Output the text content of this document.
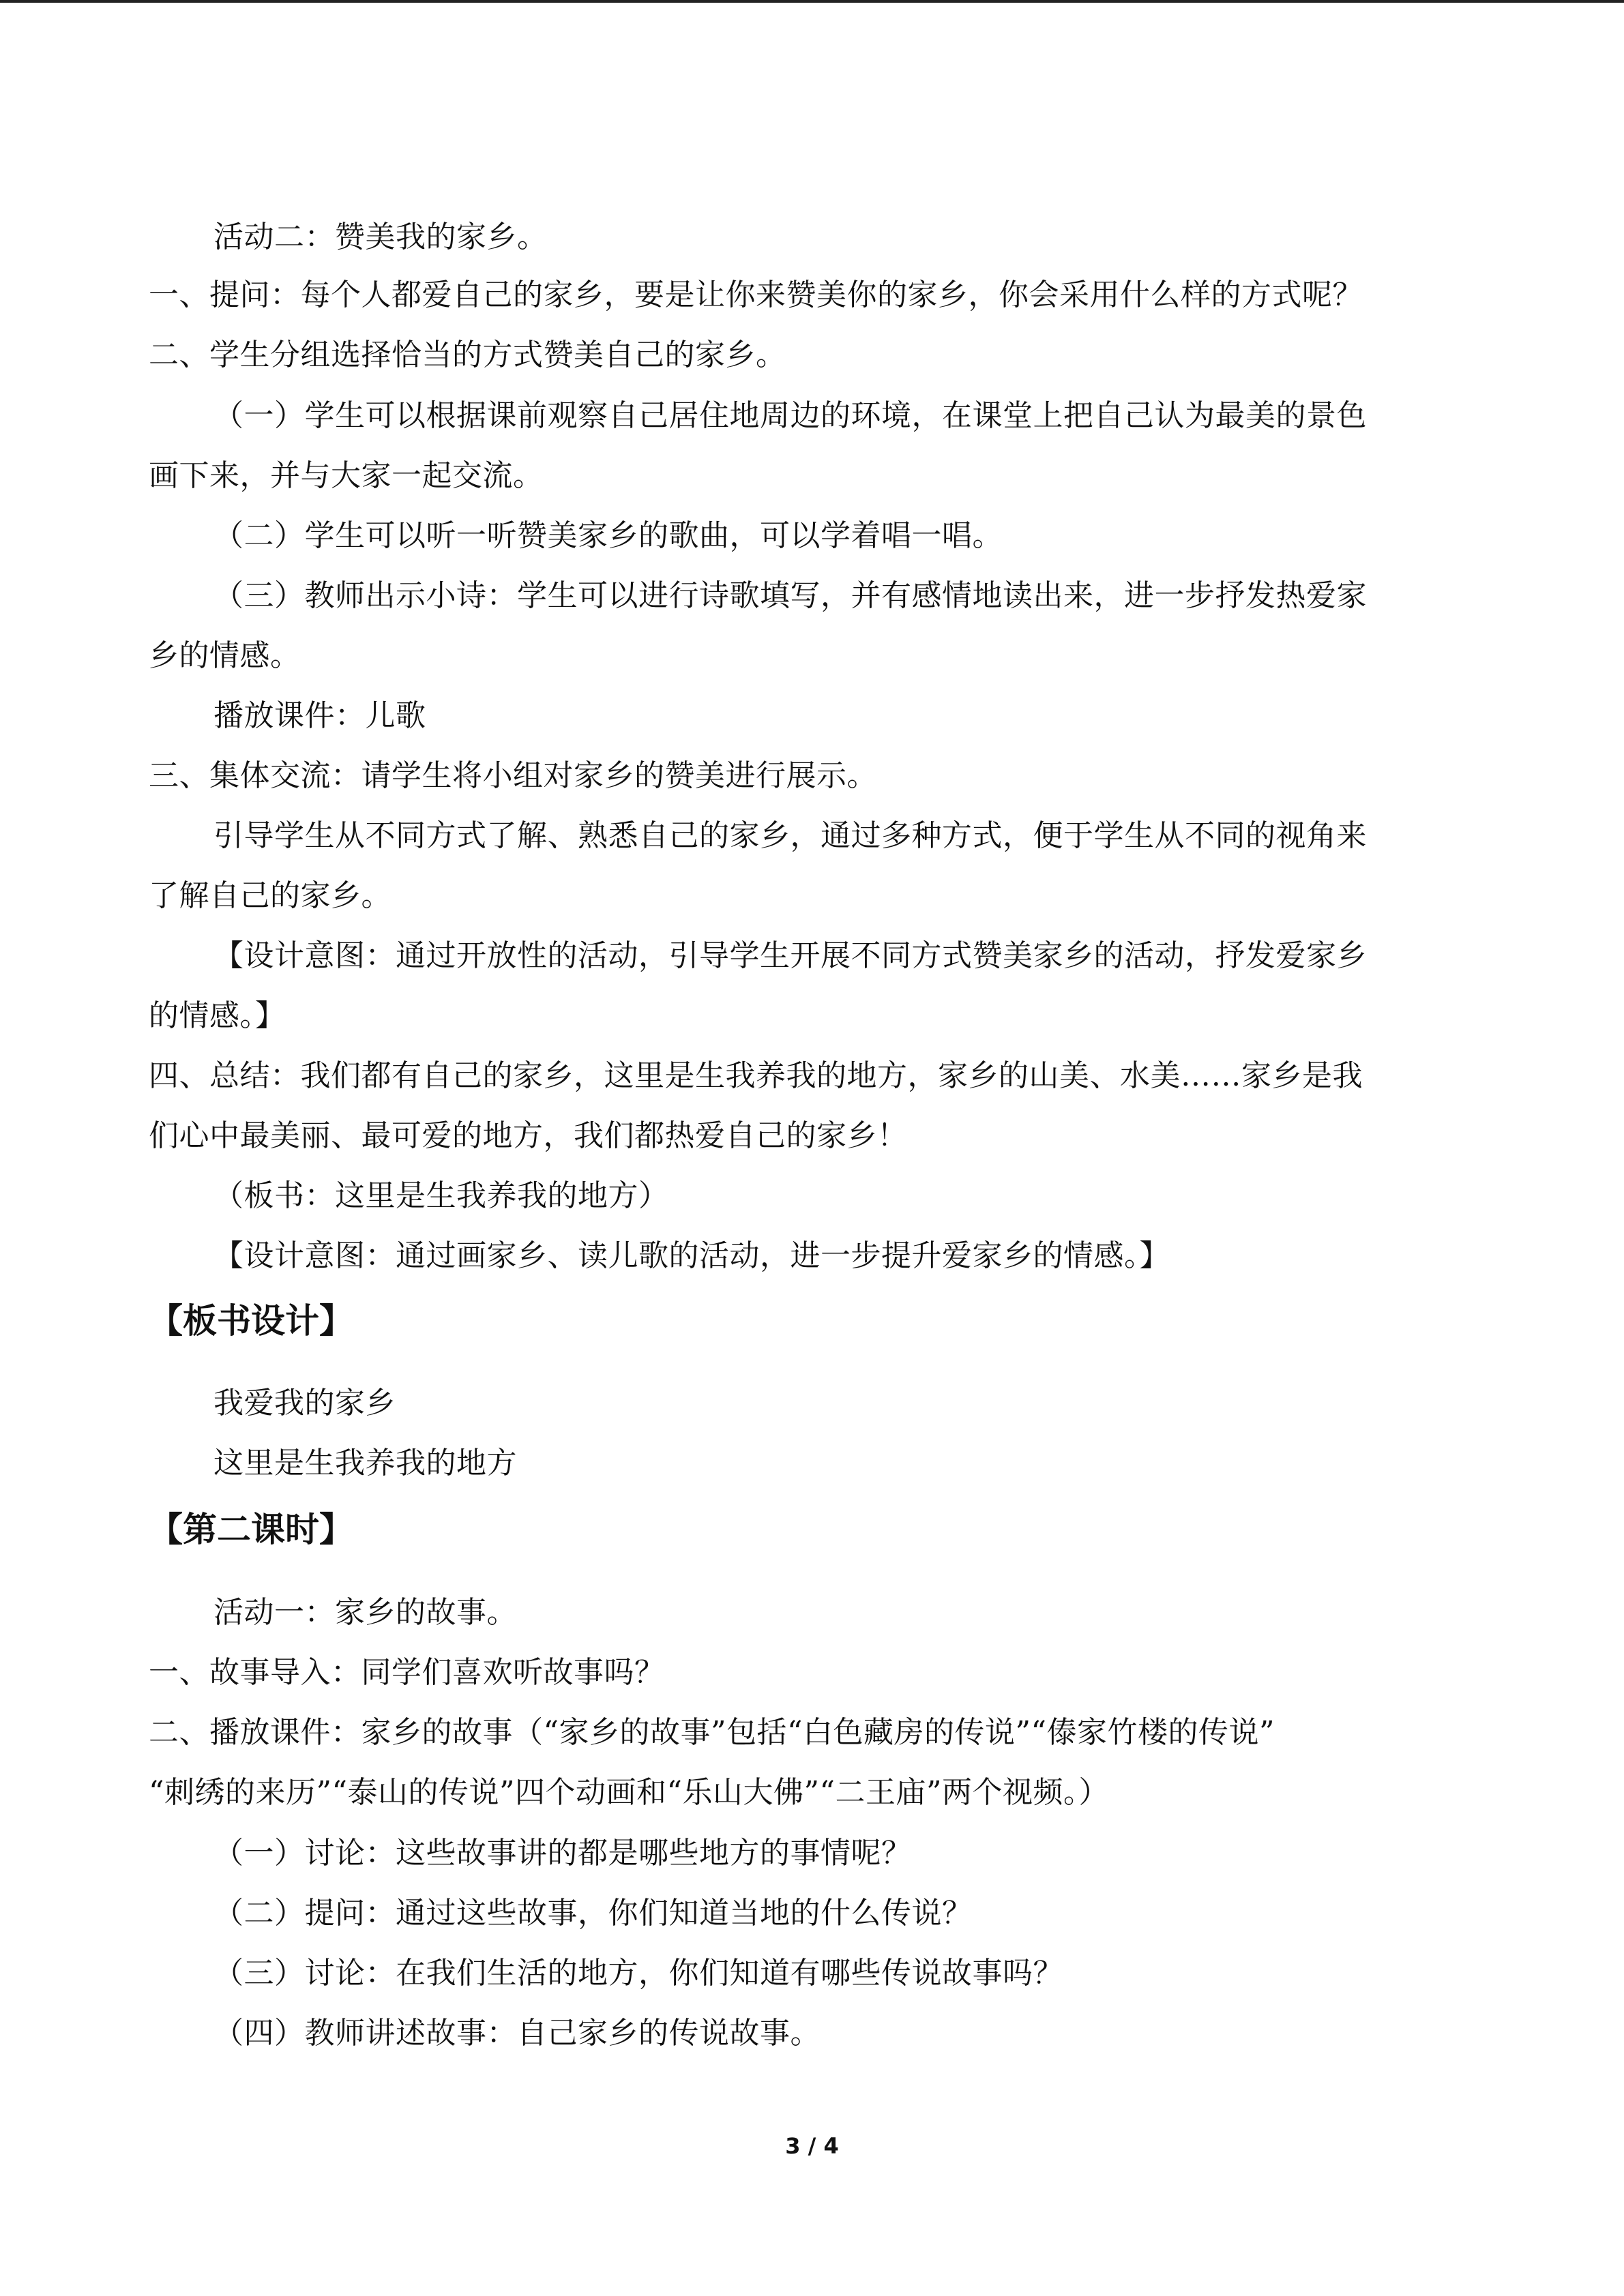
活动二：赞美我的家乡。
一、提问：每个人都爱自己的家乡，要是让你来赞美你的家乡，你会采用什么样的方式呢？
二、学生分组选择恰当的方式赞美自己的家乡。
（一）学生可以根据课前观察自己居住地周边的环境，在课堂上把自己认为最美的景色
画下来，并与大家一起交流。
（二）学生可以听一听赞美家乡的歌曲，可以学着唱一唱。
（三）教师出示小诗：学生可以进行诗歌填写，并有感情地读出来，进一步抒发热爱家
乡的情感。
播放课件：儿歌
三、集体交流：请学生将小组对家乡的赞美进行展示。
引导学生从不同方式了解、熟悉自己的家乡，通过多种方式，便于学生从不同的视角来
了解自己的家乡。
【设计意图：通过开放性的活动，引导学生开展不同方式赞美家乡的活动，抒发爱家乡
的情感。】
四、总结：我们都有自己的家乡，这里是生我养我的地方，家乡的山美、水美……家乡是我
们心中最美丽、最可爱的地方，我们都热爱自己的家乡！
（板书：这里是生我养我的地方）
【设计意图：通过画家乡、读儿歌的活动，进一步提升爱家乡的情感。】
【板书设计】
我爱我的家乡
这里是生我养我的地方
【第二课时】
活动一：家乡的故事。
一、故事导入：同学们喜欢听故事吗？
二、播放课件：家乡的故事（“家乡的故事”包括“白色藏房的传说”“傣家竹楼的传说”
“刺绣的来历”“泰山的传说”四个动画和“乐山大佛”“二王庙”两个视频。）
（一）讨论：这些故事讲的都是哪些地方的事情呢？
（二）提问：通过这些故事，你们知道当地的什么传说？
（三）讨论：在我们生活的地方，你们知道有哪些传说故事吗？
（四）教师讲述故事：自己家乡的传说故事。
3 / 4
